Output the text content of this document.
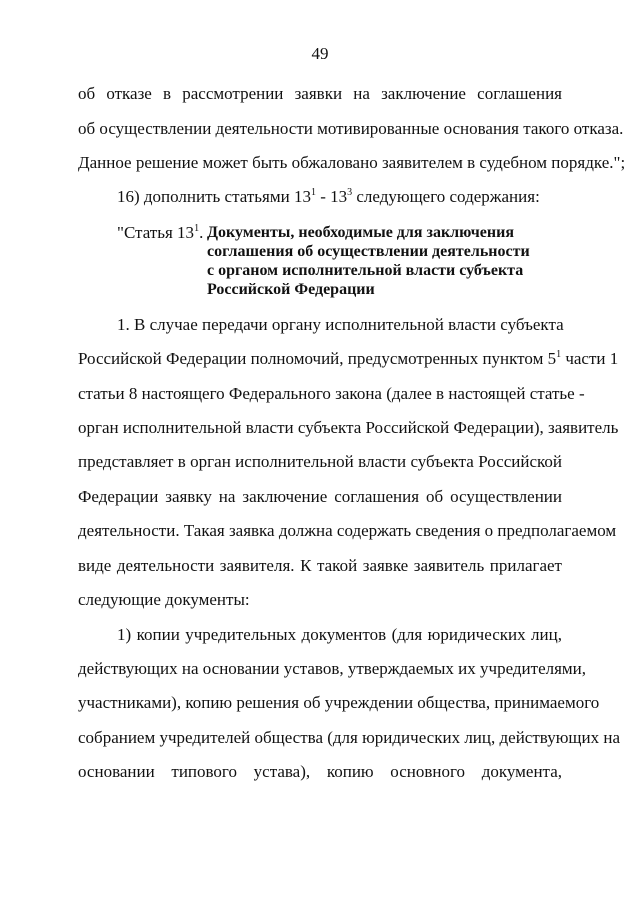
49
об отказе в рассмотрении заявки на заключение соглашения
об осуществлении деятельности мотивированные основания такого отказа.
Данное решение может быть обжаловано заявителем в судебном порядке.";
16) дополнить статьями $13^1 - 13^3$ следующего содержания:
"Статья $13^1$. Документы, необходимые для заключения
соглашения об осуществлении деятельности
с органом исполнительной власти субъекта
Российской Федерации
1. В случае передачи органу исполнительной власти субъекта
Российской Федерации полномочий, предусмотренных пунктом $5^1$ части 1
статьи 8 настоящего Федерального закона (далее в настоящей статье -
орган исполнительной власти субъекта Российской Федерации), заявитель
представляет в орган исполнительной власти субъекта Российской
Федерации заявку на заключение соглашения об осуществлении
деятельности. Такая заявка должна содержать сведения о предполагаемом
виде деятельности заявителя. К такой заявке заявитель прилагает
следующие документы:
1) копии учредительных документов (для юридических лиц,
действующих на основании уставов, утверждаемых их учредителями,
участниками), копию решения об учреждении общества, принимаемого
собранием учредителей общества (для юридических лиц, действующих на
основании типового устава), копию основного документа,
